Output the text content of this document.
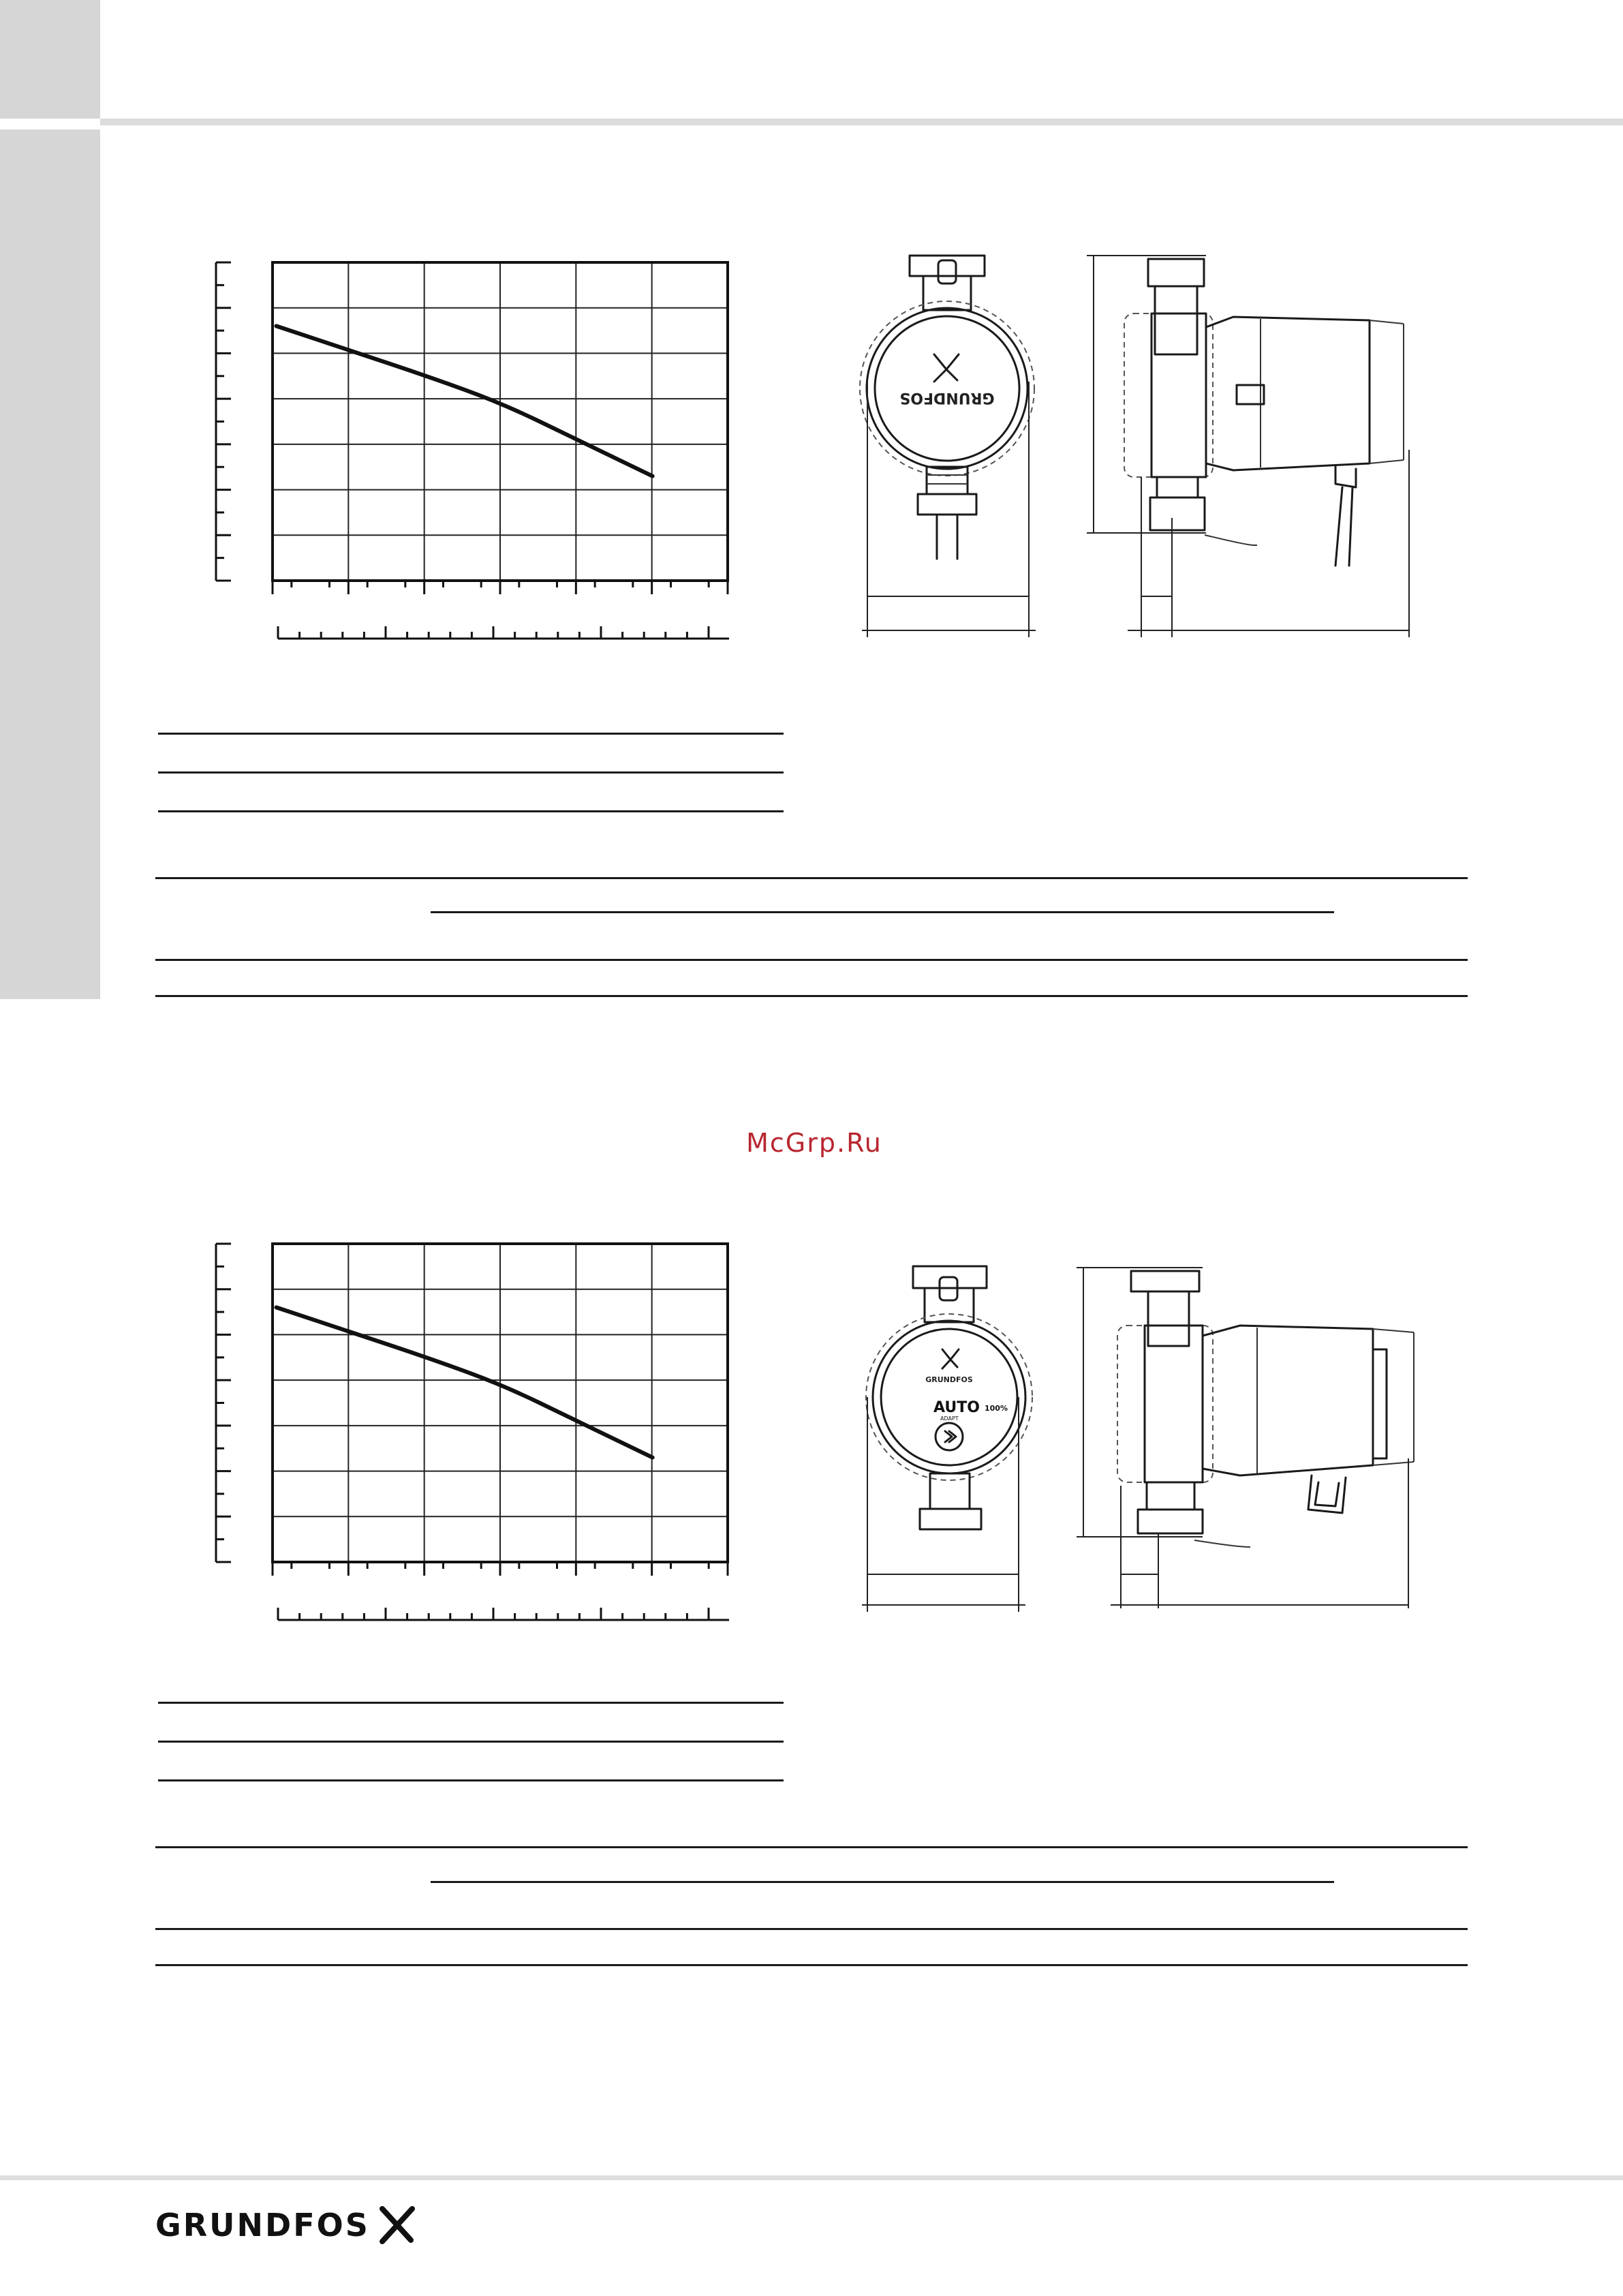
GRUNDFOS
McGrp.Ru
GRUNDFOS
AUTO
ADAPT
100%
GRUNDFOS
